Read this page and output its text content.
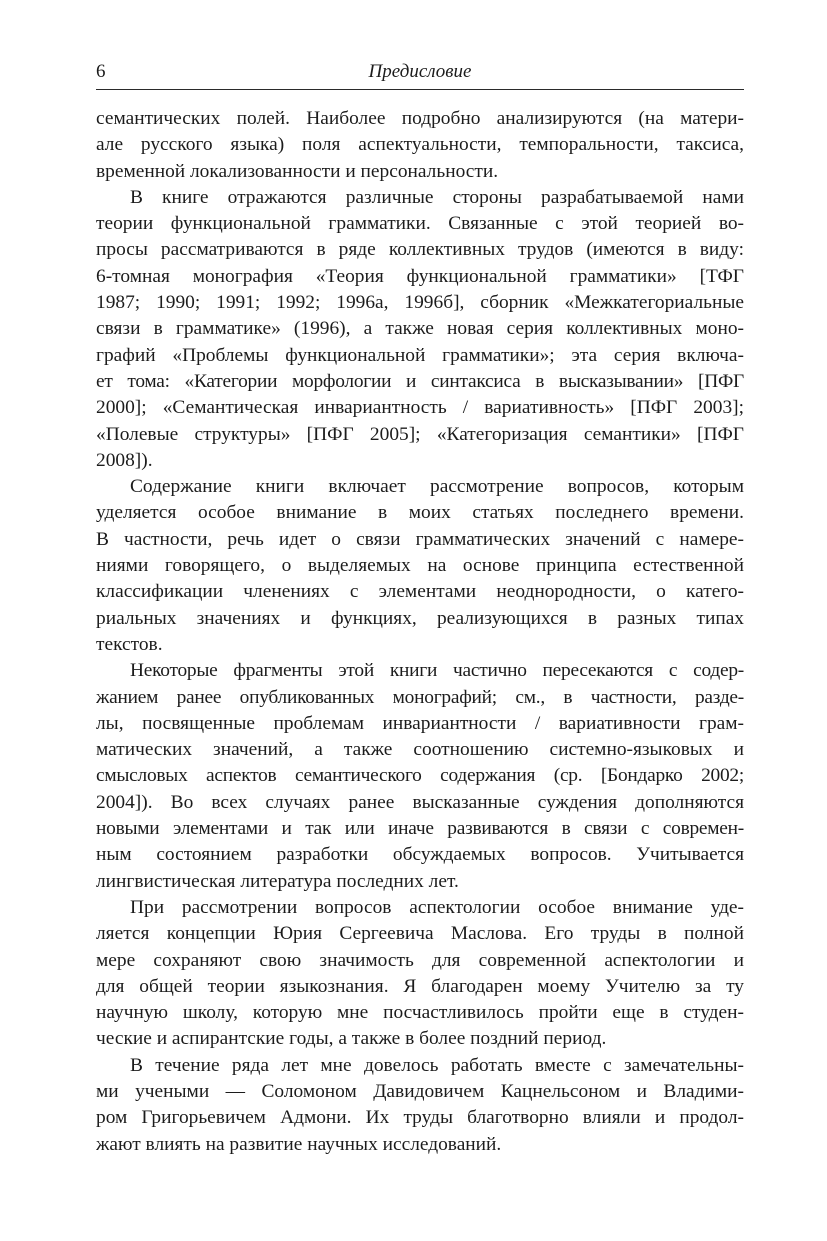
6	Предисловие

семантических полей. Наиболее подробно анализируются (на матери-
але русского языка) поля аспектуальности, темпоральности, таксиса,
временной локализованности и персональности.

В книге отражаются различные стороны разрабатываемой нами
теории функциональной грамматики. Связанные с этой теорией во-
просы рассматриваются в ряде коллективных трудов (имеются в виду:
6-томная монография «Теория функциональной грамматики» [ТФГ
1987; 1990; 1991; 1992; 1996а, 1996б], сборник «Межкатегориальные
связи в грамматике» (1996), а также новая серия коллективных моно-
графий «Проблемы функциональной грамматики»; эта серия включа-
ет тома: «Категории морфологии и синтаксиса в высказывании» [ПФГ
2000]; «Семантическая инвариантность / вариативность» [ПФГ 2003];
«Полевые структуры» [ПФГ 2005]; «Категоризация семантики» [ПФГ
2008]).

Содержание книги включает рассмотрение вопросов, которым
уделяется особое внимание в моих статьях последнего времени.
В частности, речь идет о связи грамматических значений с намере-
ниями говорящего, о выделяемых на основе принципа естественной
классификации членениях с элементами неоднородности, о катего-
риальных значениях и функциях, реализующихся в разных типах
текстов.

Некоторые фрагменты этой книги частично пересекаются с содер-
жанием ранее опубликованных монографий; см., в частности, разде-
лы, посвященные проблемам инвариантности / вариативности грам-
матических значений, а также соотношению системно-языковых и
смысловых аспектов семантического содержания (ср. [Бондарко 2002;
2004]). Во всех случаях ранее высказанные суждения дополняются
новыми элементами и так или иначе развиваются в связи с современ-
ным состоянием разработки обсуждаемых вопросов. Учитывается
лингвистическая литература последних лет.

При рассмотрении вопросов аспектологии особое внимание уде-
ляется концепции Юрия Сергеевича Маслова. Его труды в полной
мере сохраняют свою значимость для современной аспектологии и
для общей теории языкознания. Я благодарен моему Учителю за ту
научную школу, которую мне посчастливилось пройти еще в студен-
ческие и аспирантские годы, а также в более поздний период.

В течение ряда лет мне довелось работать вместе с замечательны-
ми учеными — Соломоном Давидовичем Кацнельсоном и Владими-
ром Григорьевичем Адмони. Их труды благотворно влияли и продол-
жают влиять на развитие научных исследований.
